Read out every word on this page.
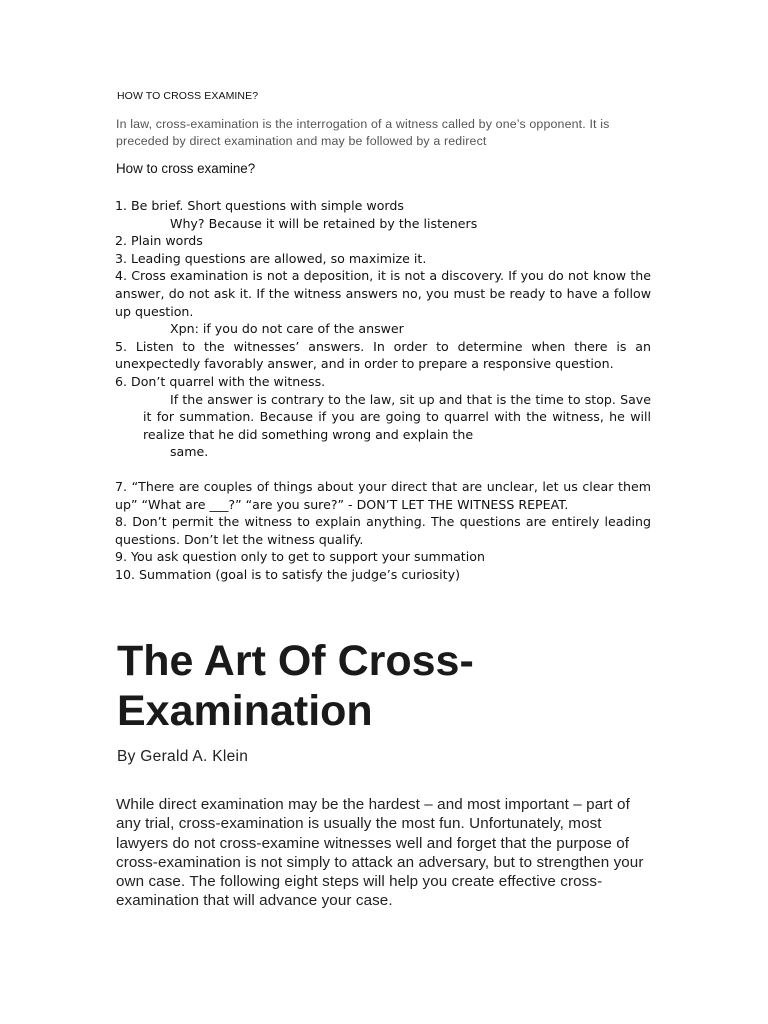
HOW TO CROSS EXAMINE?

In law, cross-examination is the interrogation of a witness called by one’s opponent. It is preceded by direct examination and may be followed by a redirect

How to cross examine?

1. Be brief. Short questions with simple words

Why? Because it will be retained by the listeners

2. Plain words

3. Leading questions are allowed, so maximize it.

4. Cross examination is not a deposition, it is not a discovery. If you do not know the answer, do not ask it. If the witness answers no, you must be ready to have a follow up question.

Xpn: if you do not care of the answer

5. Listen to the witnesses’ answers. In order to determine when there is an unexpectedly favorably answer, and in order to prepare a responsive question.

6. Don’t quarrel with the witness.

If the answer is contrary to the law, sit up and that is the time to stop. Save it for summation. Because if you are going to quarrel with the witness, he will realize that he did something wrong and explain the

same.

7. “There are couples of things about your direct that are unclear, let us clear them up” “What are ___?” “are you sure?” - DON’T LET THE WITNESS REPEAT.

8. Don’t permit the witness to explain anything. The questions are entirely leading questions. Don’t let the witness qualify.

9. You ask question only to get to support your summation

10. Summation (goal is to satisfy the judge’s curiosity)

The Art Of Cross-Examination
By Gerald A. Klein

While direct examination may be the hardest – and most important – part of any trial, cross-examination is usually the most fun. Unfortunately, most lawyers do not cross-examine witnesses well and forget that the purpose of cross-examination is not simply to attack an adversary, but to strengthen your own case. The following eight steps will help you create effective cross-examination that will advance your case.
